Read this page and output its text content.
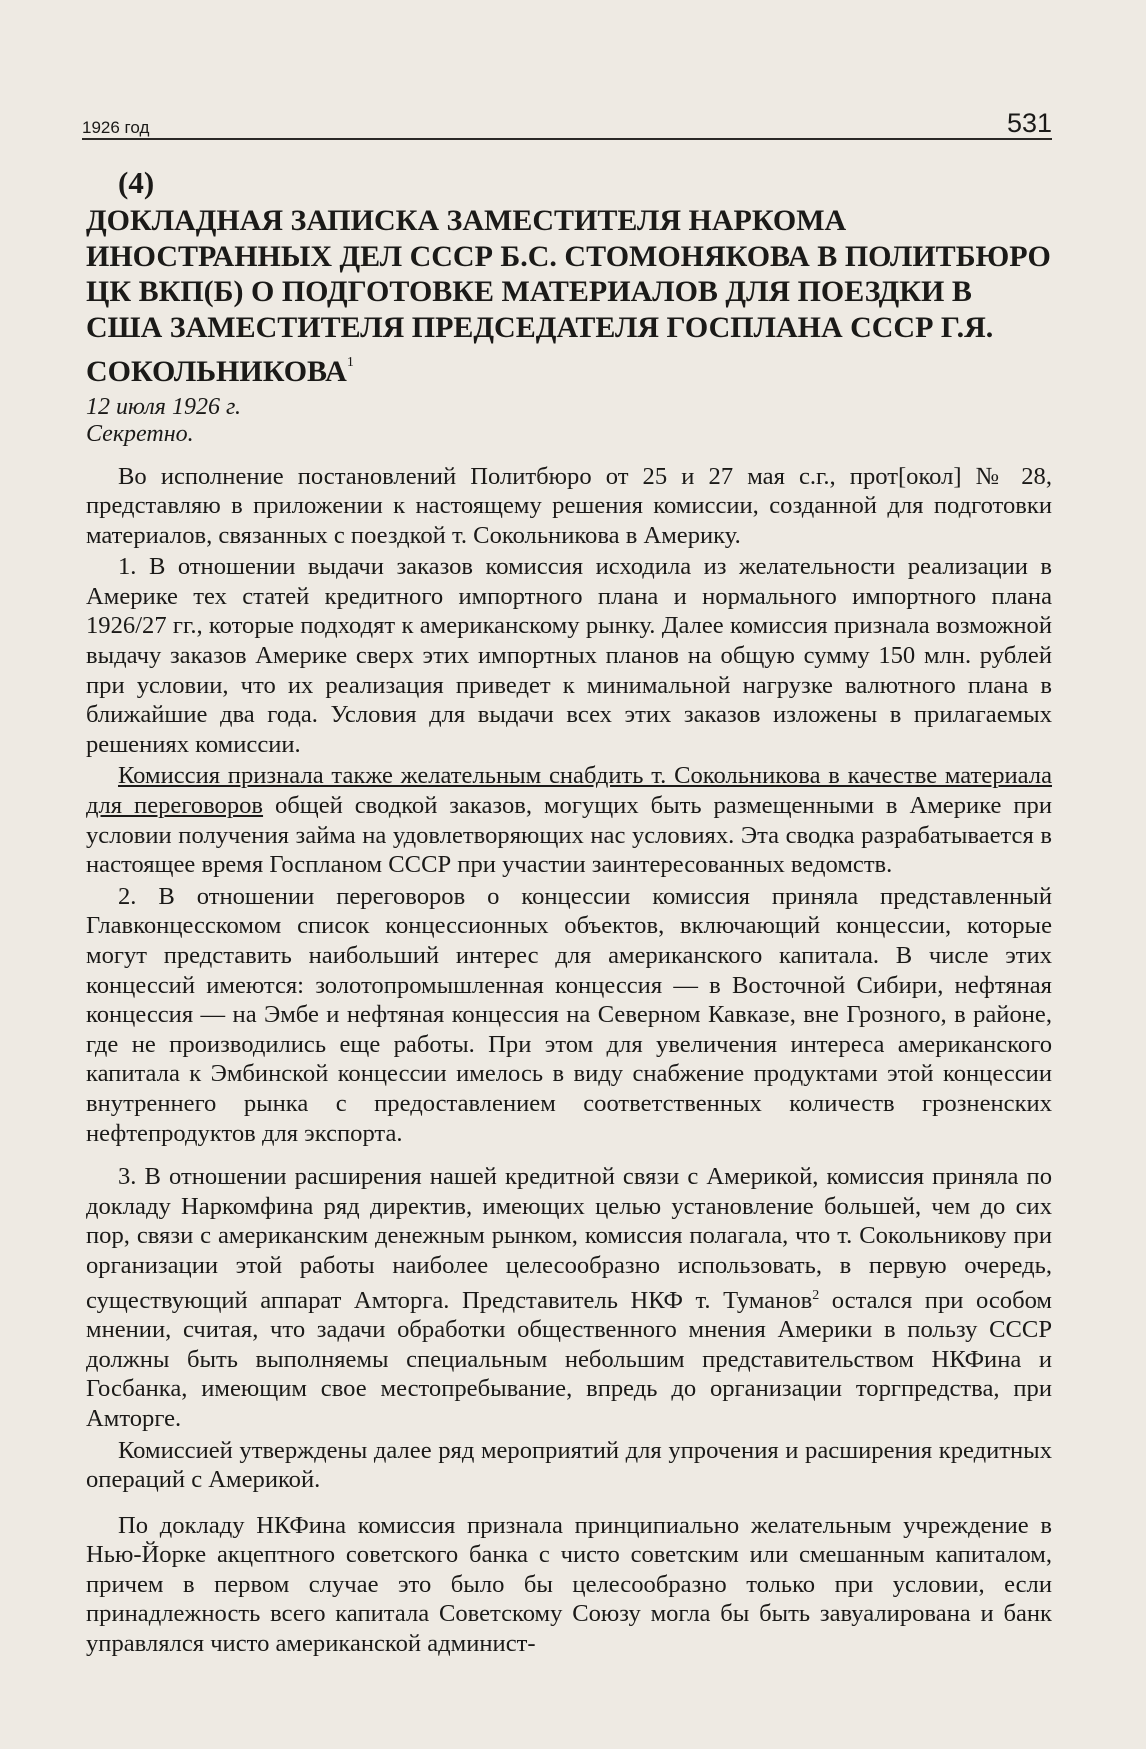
1926 год	531
(4)
ДОКЛАДНАЯ ЗАПИСКА ЗАМЕСТИТЕЛЯ НАРКОМА ИНОСТРАННЫХ ДЕЛ СССР Б.С. СТОМОНЯКОВА В ПОЛИТБЮРО ЦК ВКП(Б) О ПОДГОТОВКЕ МАТЕРИАЛОВ ДЛЯ ПОЕЗДКИ В США ЗАМЕСТИТЕЛЯ ПРЕДСЕДАТЕЛЯ ГОСПЛАНА СССР Г.Я. СОКОЛЬНИКОВА$^1$
12 июля 1926 г.
Секретно.

Во исполнение постановлений Политбюро от 25 и 27 мая с.г., прот[окол] № 28, представляю в приложении к настоящему решения комиссии, созданной для подготовки материалов, связанных с поездкой т. Сокольникова в Америку.

1. В отношении выдачи заказов комиссия исходила из желательности реализации в Америке тех статей кредитного импортного плана и нормального импортного плана 1926/27 гг., которые подходят к американскому рынку. Далее комиссия признала возможной выдачу заказов Америке сверх этих импортных планов на общую сумму 150 млн. рублей при условии, что их реализация приведет к минимальной нагрузке валютного плана в ближайшие два года. Условия для выдачи всех этих заказов изложены в прилагаемых решениях комиссии.

Комиссия признала также желательным снабдить т. Сокольникова в качестве материала для переговоров общей сводкой заказов, могущих быть размещенными в Америке при условии получения займа на удовлетворяющих нас условиях. Эта сводка разрабатывается в настоящее время Госпланом СССР при участии заинтересованных ведомств.

2. В отношении переговоров о концессии комиссия приняла представленный Главконцесскомом список концессионных объектов, включающий концессии, которые могут представить наибольший интерес для американского капитала. В числе этих концессий имеются: золотопромышленная концессия — в Восточной Сибири, нефтяная концессия — на Эмбе и нефтяная концессия на Северном Кавказе, вне Грозного, в районе, где не производились еще работы. При этом для увеличения интереса американского капитала к Эмбинской концессии имелось в виду снабжение продуктами этой концессии внутреннего рынка с предоставлением соответственных количеств грозненских нефтепродуктов для экспорта.

3. В отношении расширения нашей кредитной связи с Америкой, комиссия приняла по докладу Наркомфина ряд директив, имеющих целью установление большей, чем до сих пор, связи с американским денежным рынком, комиссия полагала, что т. Сокольникову при организации этой работы наиболее целесообразно использовать, в первую очередь, существующий аппарат Амторга. Представитель НКФ т. Туманов$^2$ остался при особом мнении, считая, что задачи обработки общественного мнения Америки в пользу СССР должны быть выполняемы специальным небольшим представительством НКФина и Госбанка, имеющим свое местопребывание, впредь до организации торгпредства, при Амторге.

Комиссией утверждены далее ряд мероприятий для упрочения и расширения кредитных операций с Америкой.

По докладу НКФина комиссия признала принципиально желательным учреждение в Нью-Йорке акцептного советского банка с чисто советским или смешанным капиталом, причем в первом случае это было бы целесообразно только при условии, если принадлежность всего капитала Советскому Союзу могла бы быть завуалирована и банк управлялся чисто американской админист-
